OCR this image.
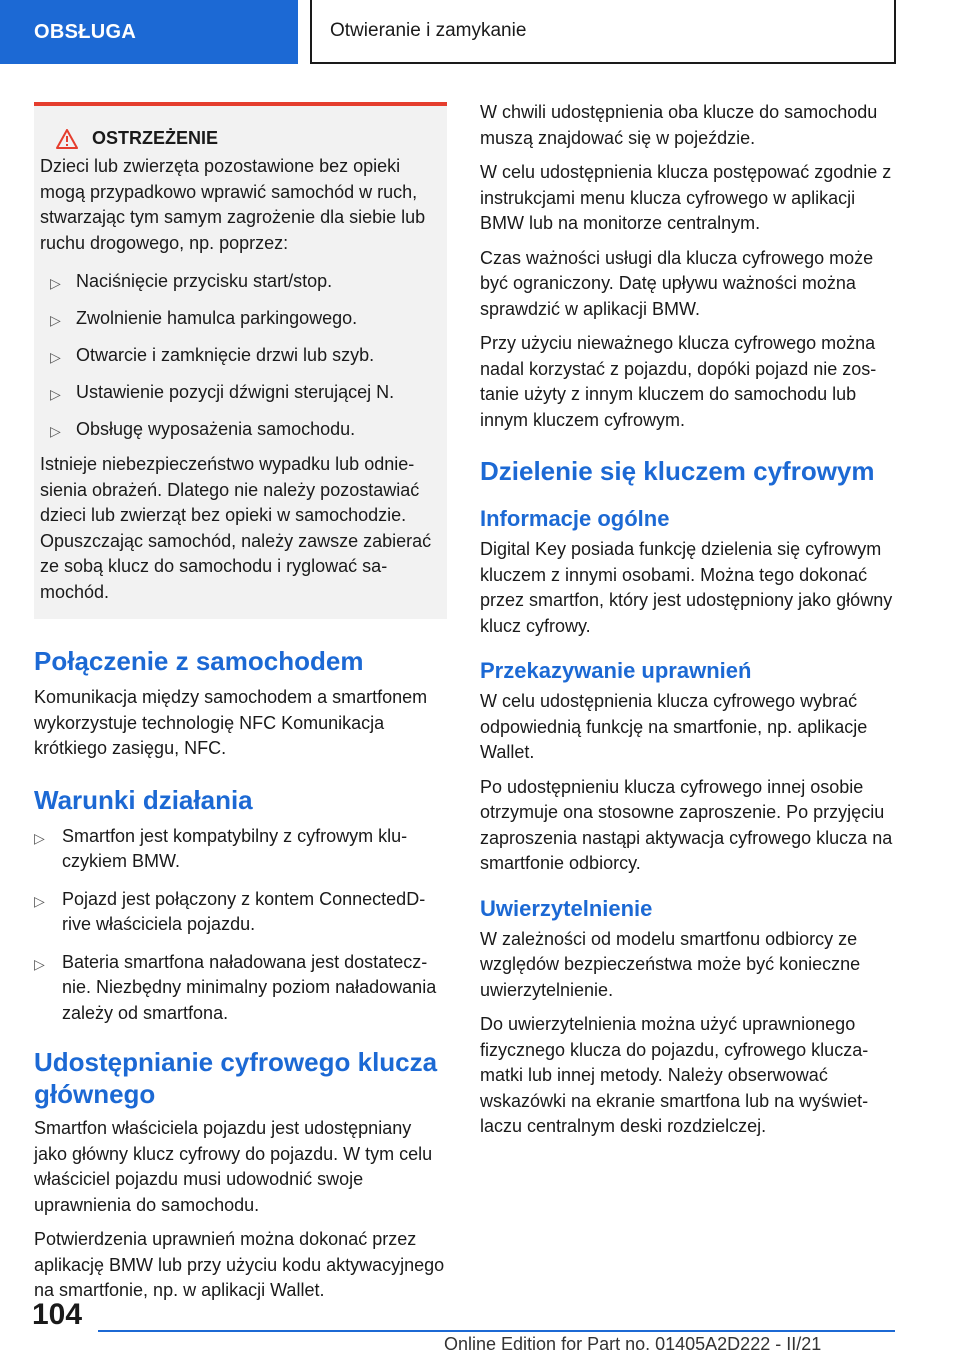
OBSŁUGA	Otwieranie i zamykanie
OSTRZEŻENIE

Dzieci lub zwierzęta pozostawione bez opieki mogą przypadkowo wprawić samochód w ruch, stwarzając tym samym zagrożenie dla siebie lub ruchu drogowego, np. poprzez:

▷ Naciśnięcie przycisku start/stop.
▷ Zwolnienie hamulca parkingowego.
▷ Otwarcie i zamknięcie drzwi lub szyb.
▷ Ustawienie pozycji dźwigni sterującej N.
▷ Obsługę wyposażenia samochodu.

Istnieje niebezpieczeństwo wypadku lub odniesienia obrażeń. Dlatego nie należy pozostawiać dzieci lub zwierząt bez opieki w samochodzie. Opuszczając samochód, należy zawsze zabierać ze sobą klucz do samochodu i ryglować samochód.

Połączenie z samochodem

Komunikacja między samochodem a smartfonem wykorzystuje technologię NFC Komunikacja krótkiego zasięgu, NFC.

Warunki działania
▷ Smartfon jest kompatybilny z cyfrowym kluczykiem BMW.
▷ Pojazd jest połączony z kontem ConnectedDrive właściciela pojazdu.
▷ Bateria smartfona naładowana jest dostatecznie. Niezbędny minimalny poziom naładowania zależy od smartfona.
Udostępnianie cyfrowego klucza głównego

Smartfon właściciela pojazdu jest udostępniany jako główny klucz cyfrowy do pojazdu. W tym celu właściciel pojazdu musi udowodnić swoje uprawnienia do samochodu.

Potwierdzenia uprawnień można dokonać przez aplikację BMW lub przy użyciu kodu aktywacyjnego na smartfonie, np. w aplikacji Wallet.

W chwili udostępnienia oba klucze do samochodu muszą znajdować się w pojeździe.

W celu udostępnienia klucza postępować zgodnie z instrukcjami menu klucza cyfrowego w aplikacji BMW lub na monitorze centralnym.

Czas ważności usługi dla klucza cyfrowego może być ograniczony. Datę upływu ważności można sprawdzić w aplikacji BMW.

Przy użyciu nieważnego klucza cyfrowego można nadal korzystać z pojazdu, dopóki pojazd nie zostanie użyty z innym kluczem do samochodu lub innym kluczem cyfrowym.

Dzielenie się kluczem cyfrowym
Informacje ogólne

Digital Key posiada funkcję dzielenia się cyfrowym kluczem z innymi osobami. Można tego dokonać przez smartfon, który jest udostępniony jako główny klucz cyfrowy.

Przekazywanie uprawnień

W celu udostępnienia klucza cyfrowego wybrać odpowiednią funkcję na smartfonie, np. aplikacje Wallet.

Po udostępnieniu klucza cyfrowego innej osobie otrzymuje ona stosowne zaproszenie. Po przyjęciu zaproszenia nastąpi aktywacja cyfrowego klucza na smartfonie odbiorcy.

Uwierzytelnienie

W zależności od modelu smartfonu odbiorcy ze względów bezpieczeństwa może być konieczne uwierzytelnienie.

Do uwierzytelnienia można użyć uprawnionego fizycznego klucza do pojazdu, cyfrowego kluczamatki lub innej metody. Należy obserwować wskazówki na ekranie smartfona lub na wyświetlaczu centralnym deski rozdzielczej.

104
Online Edition for Part no. 01405A2D222 - II/21
